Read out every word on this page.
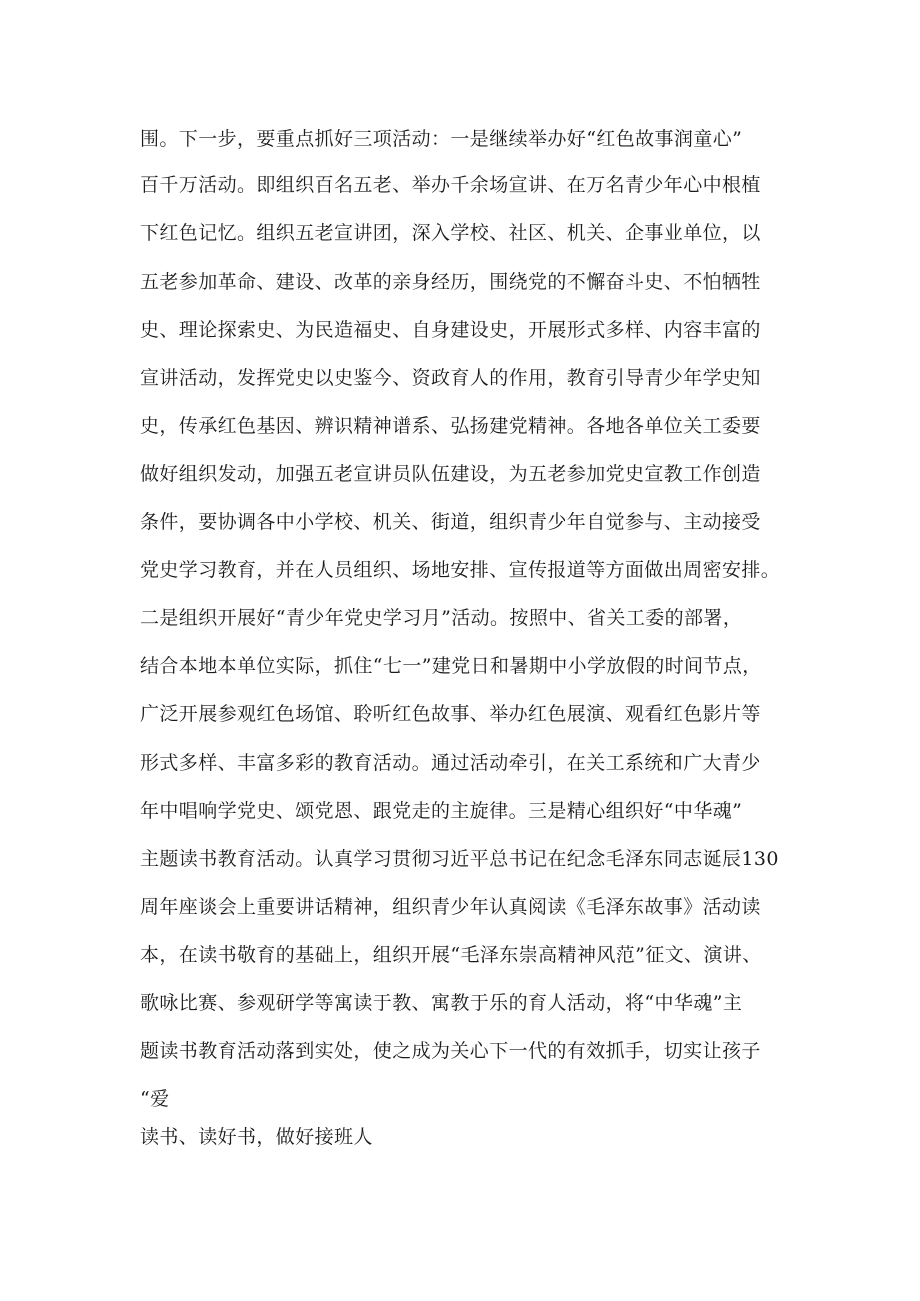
围。下一步，要重点抓好三项活动：一是继续举办好“红色故事润童心”
百千万活动。即组织百名五老、举办千余场宣讲、在万名青少年心中根植
下红色记忆。组织五老宣讲团，深入学校、社区、机关、企事业单位，以
五老参加革命、建设、改革的亲身经历，围绕党的不懈奋斗史、不怕牺牲
史、理论探索史、为民造福史、自身建设史，开展形式多样、内容丰富的
宣讲活动，发挥党史以史鉴今、资政育人的作用，教育引导青少年学史知
史，传承红色基因、辨识精神谱系、弘扬建党精神。各地各单位关工委要
做好组织发动，加强五老宣讲员队伍建设，为五老参加党史宣教工作创造
条件，要协调各中小学校、机关、街道，组织青少年自觉参与、主动接受
党史学习教育，并在人员组织、场地安排、宣传报道等方面做出周密安排。
二是组织开展好“青少年党史学习月”活动。按照中、省关工委的部署，
结合本地本单位实际，抓住“七一”建党日和暑期中小学放假的时间节点，
广泛开展参观红色场馆、聆听红色故事、举办红色展演、观看红色影片等
形式多样、丰富多彩的教育活动。通过活动牵引，在关工系统和广大青少
年中唱响学党史、颂党恩、跟党走的主旋律。三是精心组织好“中华魂”
主题读书教育活动。认真学习贯彻习近平总书记在纪念毛泽东同志诞辰130
周年座谈会上重要讲话精神，组织青少年认真阅读《毛泽东故事》活动读
本，在读书敬育的基础上，组织开展“毛泽东崇高精神风范”征文、演讲、
歌咏比赛、参观研学等寓读于教、寓教于乐的育人活动，将“中华魂”主
题读书教育活动落到实处，使之成为关心下一代的有效抓手，切实让孩子
“爱
读书、读好书，做好接班人
